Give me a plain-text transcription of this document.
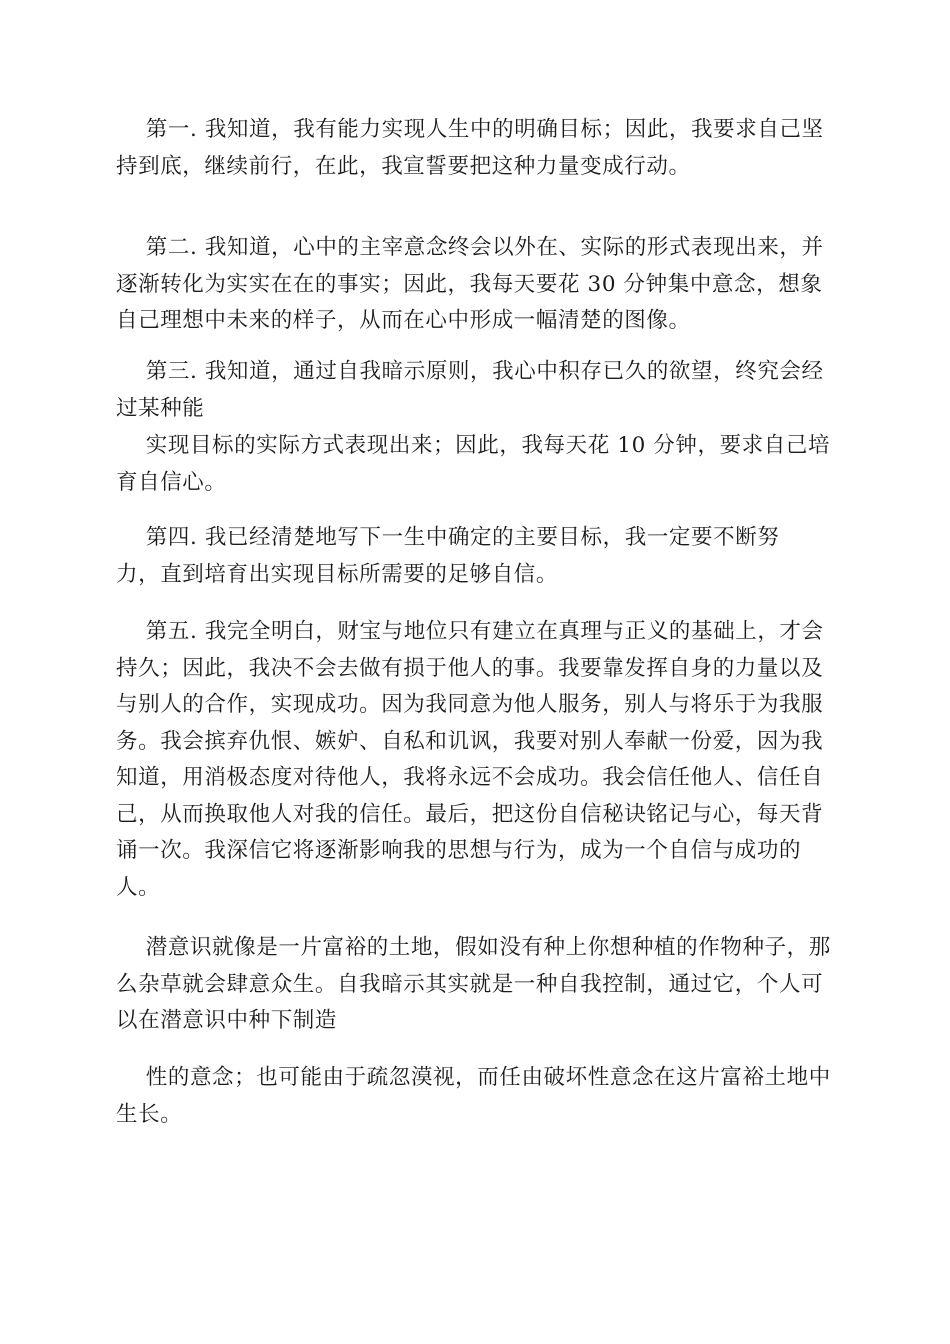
第一. 我知道，我有能力实现人生中的明确目标；因此，我要求自己坚持到底，继续前行，在此，我宣誓要把这种力量变成行动。
第二. 我知道，心中的主宰意念终会以外在、实际的形式表现出来，并逐渐转化为实实在在的事实；因此，我每天要花 30 分钟集中意念，想象自己理想中未来的样子，从而在心中形成一幅清楚的图像。
第三. 我知道，通过自我暗示原则，我心中积存已久的欲望，终究会经过某种能
实现目标的实际方式表现出来；因此，我每天花 10 分钟，要求自己培育自信心。
第四. 我已经清楚地写下一生中确定的主要目标，我一定要不断努
力，直到培育出实现目标所需要的足够自信。
第五. 我完全明白，财宝与地位只有建立在真理与正义的基础上，才会持久；因此，我决不会去做有损于他人的事。我要靠发挥自身的力量以及与别人的合作，实现成功。因为我同意为他人服务，别人与将乐于为我服务。我会摈弃仇恨、嫉妒、自私和讥讽，我要对别人奉献一份爱，因为我知道，用消极态度对待他人，我将永远不会成功。我会信任他人、信任自己，从而换取他人对我的信任。最后，把这份自信秘诀铭记与心，每天背诵一次。我深信它将逐渐影响我的思想与行为，成为一个自信与成功的人。
潜意识就像是一片富裕的土地，假如没有种上你想种植的作物种子，那么杂草就会肆意众生。自我暗示其实就是一种自我控制，通过它，个人可以在潜意识中种下制造
性的意念；也可能由于疏忽漠视，而任由破坏性意念在这片富裕土地中生长。
